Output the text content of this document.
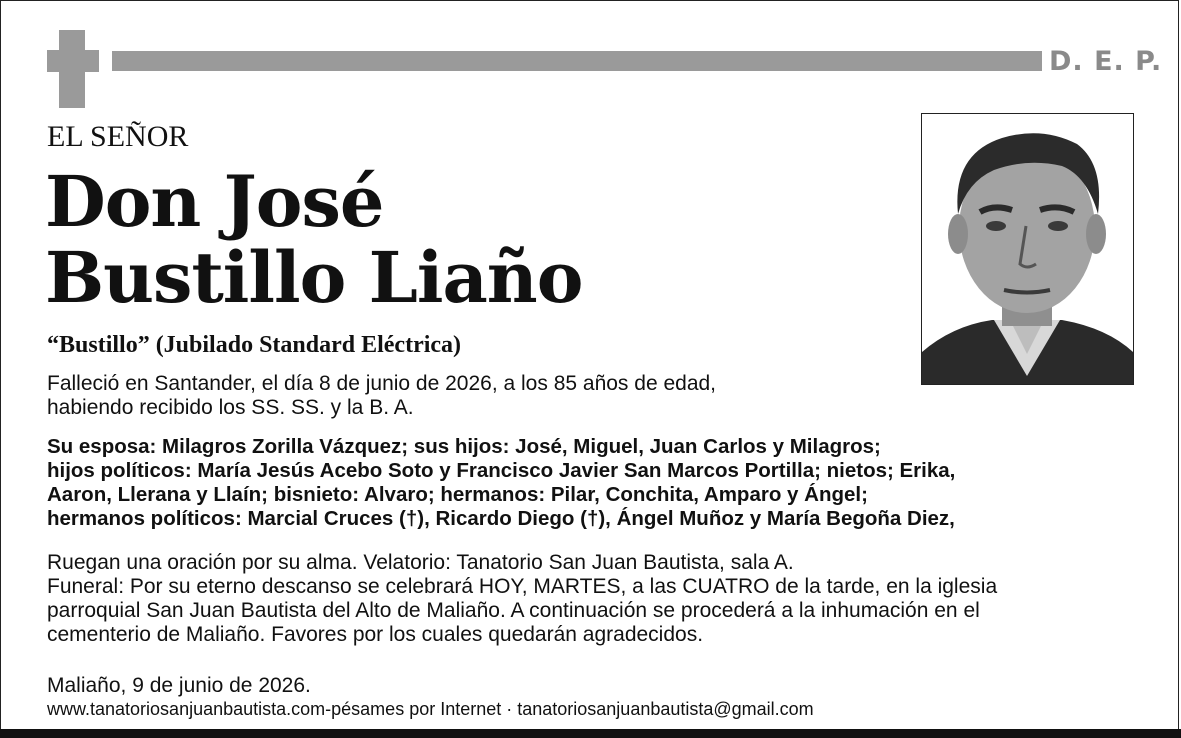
D. E. P.
EL SEÑOR
Don José
Bustillo Liaño
“Bustillo” (Jubilado Standard Eléctrica)
Falleció en Santander, el día 8 de junio de 2026, a los 85 años de edad,
habiendo recibido los SS. SS. y la B. A.
Su esposa: Milagros Zorilla Vázquez; sus hijos: José, Miguel, Juan Carlos y Milagros;
hijos políticos: María Jesús Acebo Soto y Francisco Javier San Marcos Portilla; nietos; Erika,
Aaron, Llerana y Llaín; bisnieto: Alvaro; hermanos: Pilar, Conchita, Amparo y Ángel;
hermanos políticos: Marcial Cruces (†), Ricardo Diego (†), Ángel Muñoz y María Begoña Diez,
Ruegan una oración por su alma. Velatorio: Tanatorio San Juan Bautista, sala A.
Funeral: Por su eterno descanso se celebrará HOY, MARTES, a las CUATRO de la tarde, en la iglesia
parroquial San Juan Bautista del Alto de Maliaño. A continuación se procederá a la inhumación en el
cementerio de Maliaño. Favores por los cuales quedarán agradecidos.
Maliaño, 9 de junio de 2026.
www.tanatoriosanjuanbautista.com-pésames por Internet · tanatoriosanjuanbautista@gmail.com
